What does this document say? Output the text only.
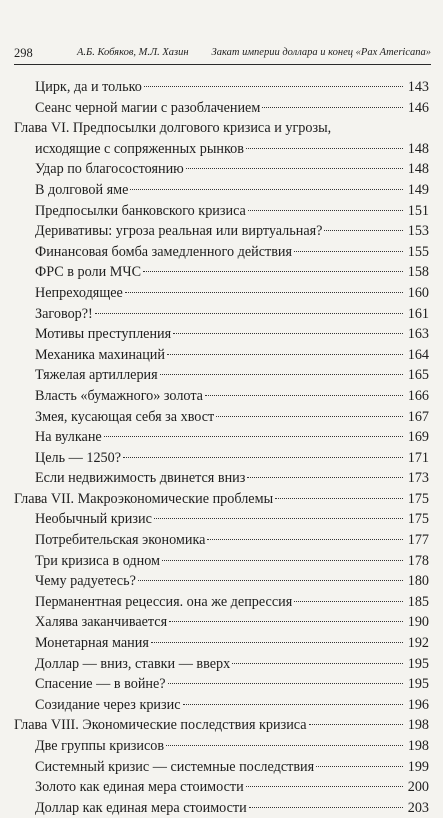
298	А.Б. Кобяков, М.Л. Хазин Закат империи доллара и конец «Pax Americana»
Цирк, да и только	143
Сеанс черной магии с разоблачением	146
Глава VI. Предпосылки долгового кризиса и угрозы,
исходящие с сопряженных рынков	148
Удар по благосостоянию	148
В долговой яме	149
Предпосылки банковского кризиса	151
Деривативы: угроза реальная или виртуальная?	153
Финансовая бомба замедленного действия	155
ФРС в роли МЧС	158
Непреходящее	160
Заговор?!	161
Мотивы преступления	163
Механика махинаций	164
Тяжелая артиллерия	165
Власть «бумажного» золота	166
Змея, кусающая себя за хвост	167
На вулкане	169
Цель — 1250?	171
Если недвижимость двинется вниз	173
Глава VII. Макроэкономические проблемы	175
Необычный кризис	175
Потребительская экономика	177
Три кризиса в одном	178
Чему радуетесь?	180
Перманентная рецессия. она же депрессия	185
Халява заканчивается	190
Монетарная мания	192
Доллар — вниз, ставки — вверх	195
Спасение — в войне?	195
Созидание через кризис	196
Глава VIII. Экономические последствия кризиса	198
Две группы кризисов	198
Системный кризис — системные последствия	199
Золото как единая мера стоимости	200
Доллар как единая мера стоимости	203
